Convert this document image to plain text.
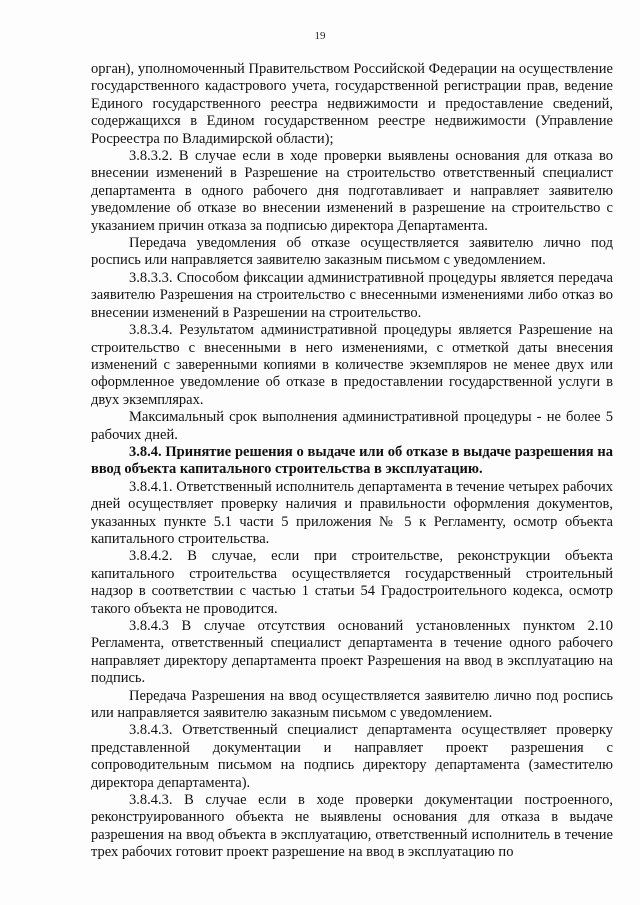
19

орган), уполномоченный Правительством Российской Федерации на осуществление государственного кадастрового учета, государственной регистрации прав, ведение Единого государственного реестра недвижимости и предоставление сведений, содержащихся в Едином государственном реестре недвижимости (Управление Росреестра по Владимирской области);

3.8.3.2. В случае если в ходе проверки выявлены основания для отказа во внесении изменений в Разрешение на строительство ответственный специалист департамента в одного рабочего дня подготавливает и направляет заявителю уведомление об отказе во внесении изменений в разрешение на строительство с указанием причин отказа за подписью директора Департамента.

Передача уведомления об отказе осуществляется заявителю лично под роспись или направляется заявителю заказным письмом с уведомлением.

3.8.3.3. Способом фиксации административной процедуры является передача заявителю Разрешения на строительство с внесенными изменениями либо отказ во внесении изменений в Разрешении на строительство.

3.8.3.4. Результатом административной процедуры является Разрешение на строительство с внесенными в него изменениями, с отметкой даты внесения изменений с заверенными копиями в количестве экземпляров не менее двух или оформленное уведомление об отказе в предоставлении государственной услуги в двух экземплярах.

Максимальный срок выполнения административной процедуры - не более 5 рабочих дней.

3.8.4. Принятие решения о выдаче или об отказе в выдаче разрешения на ввод объекта капитального строительства в эксплуатацию.

3.8.4.1. Ответственный исполнитель департамента в течение четырех рабочих дней осуществляет проверку наличия и правильности оформления документов, указанных пункте 5.1 части 5 приложения № 5 к Регламенту, осмотр объекта капитального строительства.

3.8.4.2. В случае, если при строительстве, реконструкции объекта капитального строительства осуществляется государственный строительный надзор в соответствии с частью 1 статьи 54 Градостроительного кодекса, осмотр такого объекта не проводится.

3.8.4.3 В случае отсутствия оснований установленных пунктом 2.10 Регламента, ответственный специалист департамента в течение одного рабочего направляет директору департамента проект Разрешения на ввод в эксплуатацию на подпись.

Передача Разрешения на ввод осуществляется заявителю лично под роспись или направляется заявителю заказным письмом с уведомлением.

3.8.4.3. Ответственный специалист департамента осуществляет проверку представленной документации и направляет проект разрешения с сопроводительным письмом на подпись директору департамента (заместителю директора департамента).

3.8.4.3. В случае если в ходе проверки документации построенного, реконструированного объекта не выявлены основания для отказа в выдаче разрешения на ввод объекта в эксплуатацию, ответственный исполнитель в течение трех рабочих готовит проект разрешение на ввод в эксплуатацию по
